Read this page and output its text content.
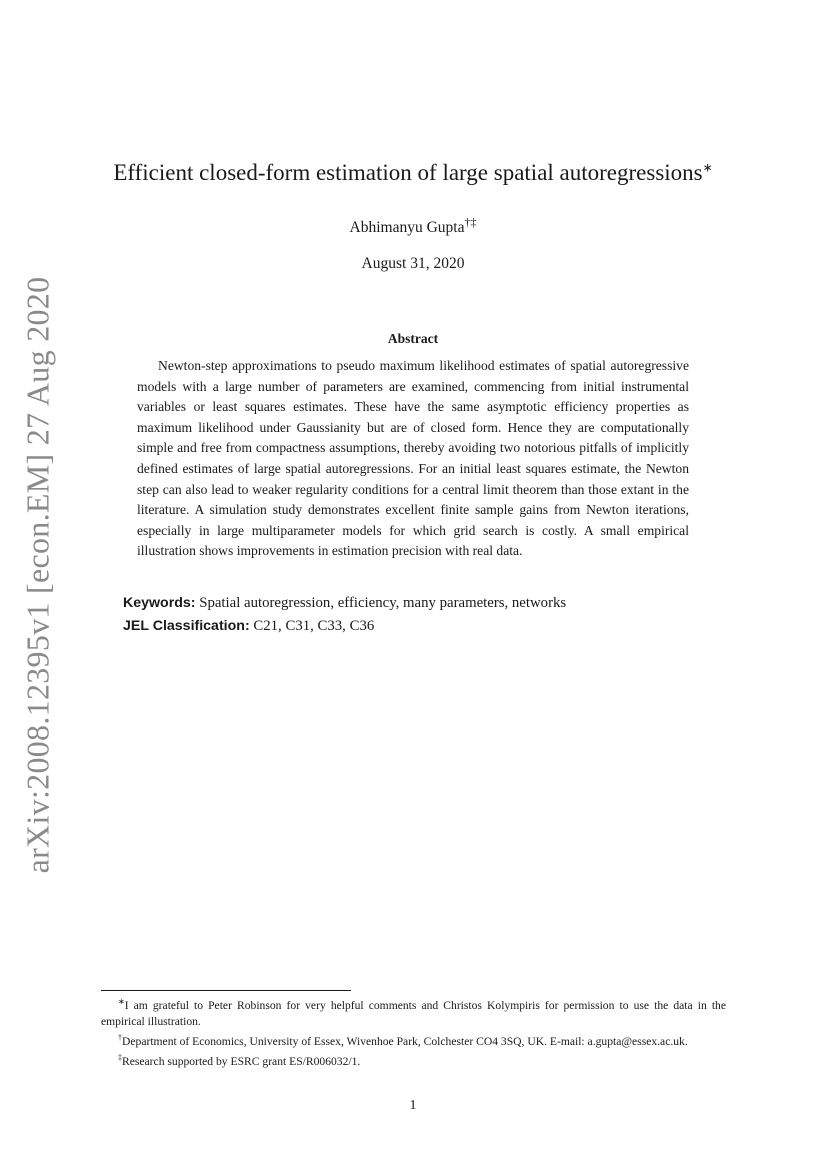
arXiv:2008.12395v1 [econ.EM] 27 Aug 2020
Efficient closed-form estimation of large spatial autoregressions∗
Abhimanyu Gupta†‡
August 31, 2020
Abstract

Newton-step approximations to pseudo maximum likelihood estimates of spatial autoregressive models with a large number of parameters are examined, commencing from initial instrumental variables or least squares estimates. These have the same asymptotic efficiency properties as maximum likelihood under Gaussianity but are of closed form. Hence they are computationally simple and free from compactness assumptions, thereby avoiding two notorious pitfalls of implicitly defined estimates of large spatial autoregressions. For an initial least squares estimate, the Newton step can also lead to weaker regularity conditions for a central limit theorem than those extant in the literature. A simulation study demonstrates excellent finite sample gains from Newton iterations, especially in large multiparameter models for which grid search is costly. A small empirical illustration shows improvements in estimation precision with real data.

Keywords: Spatial autoregression, efficiency, many parameters, networks
JEL Classification: C21, C31, C33, C36

∗I am grateful to Peter Robinson for very helpful comments and Christos Kolympiris for permission to use the data in the empirical illustration.

†Department of Economics, University of Essex, Wivenhoe Park, Colchester CO4 3SQ, UK. E-mail: a.gupta@essex.ac.uk.

‡Research supported by ESRC grant ES/R006032/1.

1
